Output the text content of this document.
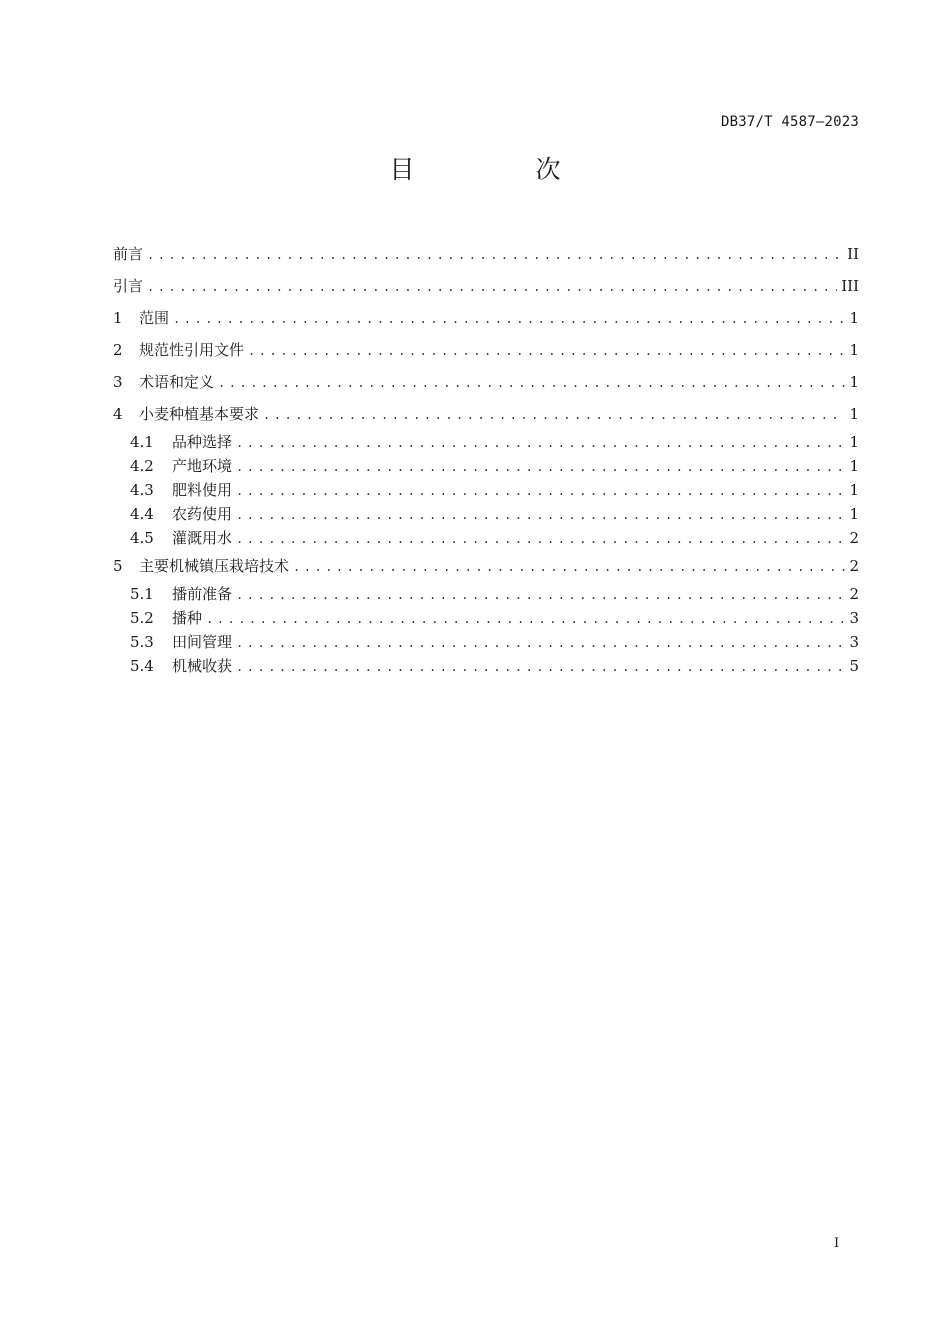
DB37/T 4587—2023
目　次
前言 .....	II
引言 .....	III
1	范围 .....	1
2	规范性引用文件 .....	1
3	术语和定义 .....	1
4	小麦种植基本要求 .....	1
4.1	品种选择 .....	1
4.2	产地环境 .....	1
4.3	肥料使用 .....	1
4.4	农药使用 .....	1
4.5	灌溉用水 .....	2
5	主要机械镇压栽培技术 .....	2
5.1	播前准备 .....	2
5.2	播种 .....	3
5.3	田间管理 .....	3
5.4	机械收获 .....	5
I
